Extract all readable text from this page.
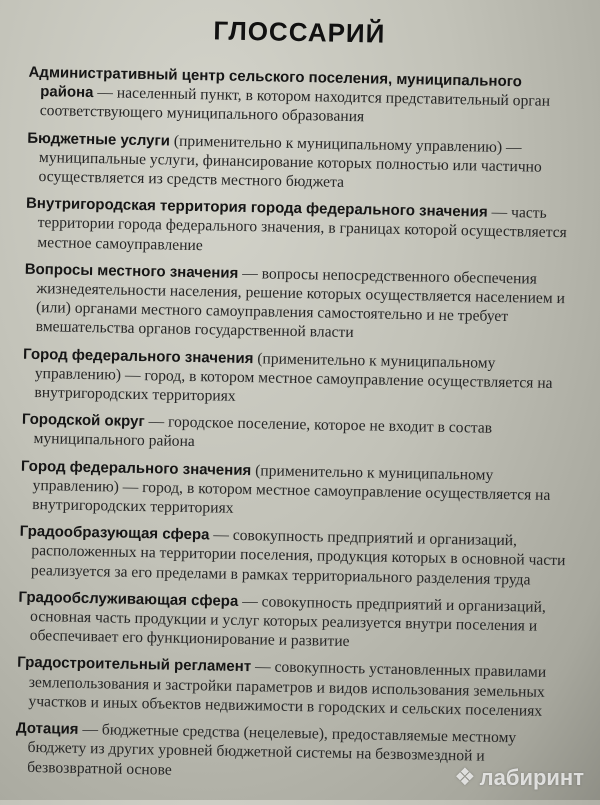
ГЛОССАРИЙ

Административный центр сельского поселения, муниципального района — населенный пункт, в котором находится представительный орган соответствующего муниципального образования

Бюджетные услуги (применительно к муниципальному управлению) — муниципальные услуги, финансирование которых полностью или частично осуществляется из средств местного бюджета

Внутригородская территория города федерального значения — часть территории города федерального значения, в границах которой осуществляется местное самоуправление

Вопросы местного значения — вопросы непосредственного обеспечения жизнедеятельности населения, решение которых осуществляется населением и (или) органами местного самоуправления самостоятельно и не требует вмешательства органов государственной власти

Город федерального значения (применительно к муниципальному управлению) — город, в котором местное самоуправление осуществляется на внутригородских территориях

Городской округ — городское поселение, которое не входит в состав муниципального района

Город федерального значения (применительно к муниципальному управлению) — город, в котором местное самоуправление осуществляется на внутригородских территориях

Градообразующая сфера — совокупность предприятий и организаций, расположенных на территории поселения, продукция которых в основной части реализуется за его пределами в рамках территориального разделения труда

Градообслуживающая сфера — совокупность предприятий и организаций, основная часть продукции и услуг которых реализуется внутри поселения и обеспечивает его функционирование и развитие

Градостроительный регламент — совокупность установленных правилами землепользования и застройки параметров и видов использования земельных участков и иных объектов недвижимости в городских и сельских поселениях

Дотация — бюджетные средства (нецелевые), предоставляемые местному бюджету из других уровней бюджетной системы на безвозмездной и безвозвратной основе	❖ лабиринт
